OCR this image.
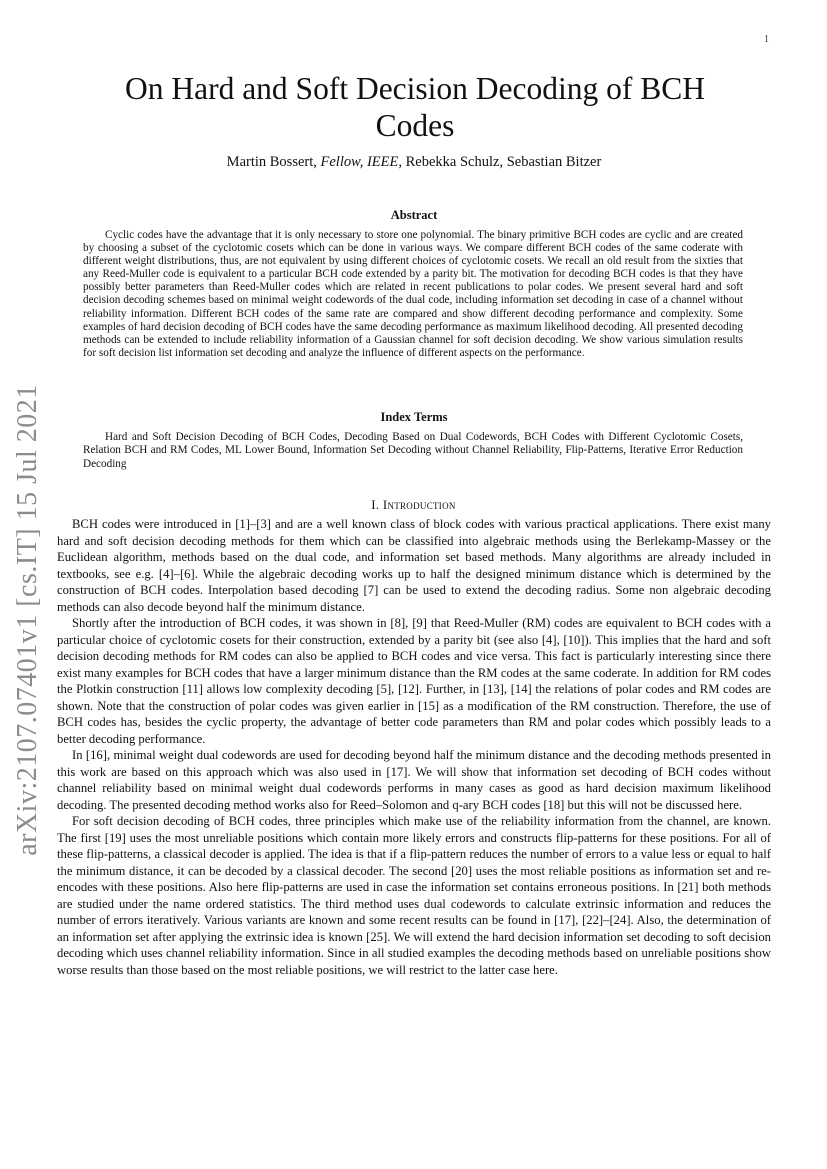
1
arXiv:2107.07401v1 [cs.IT] 15 Jul 2021
On Hard and Soft Decision Decoding of BCH Codes
Martin Bossert, Fellow, IEEE, Rebekka Schulz, Sebastian Bitzer
Abstract

Cyclic codes have the advantage that it is only necessary to store one polynomial. The binary primitive BCH codes are cyclic and are created by choosing a subset of the cyclotomic cosets which can be done in various ways. We compare different BCH codes of the same coderate with different weight distributions, thus, are not equivalent by using different choices of cyclotomic cosets. We recall an old result from the sixties that any Reed-Muller code is equivalent to a particular BCH code extended by a parity bit. The motivation for decoding BCH codes is that they have possibly better parameters than Reed-Muller codes which are related in recent publications to polar codes. We present several hard and soft decision decoding schemes based on minimal weight codewords of the dual code, including information set decoding in case of a channel without reliability information. Different BCH codes of the same rate are compared and show different decoding performance and complexity. Some examples of hard decision decoding of BCH codes have the same decoding performance as maximum likelihood decoding. All presented decoding methods can be extended to include reliability information of a Gaussian channel for soft decision decoding. We show various simulation results for soft decision list information set decoding and analyze the influence of different aspects on the performance.

Index Terms

Hard and Soft Decision Decoding of BCH Codes, Decoding Based on Dual Codewords, BCH Codes with Different Cyclotomic Cosets, Relation BCH and RM Codes, ML Lower Bound, Information Set Decoding without Channel Reliability, Flip-Patterns, Iterative Error Reduction Decoding

I. Introduction

BCH codes were introduced in [1]–[3] and are a well known class of block codes with various practical applications. There exist many hard and soft decision decoding methods for them which can be classified into algebraic methods using the Berlekamp-Massey or the Euclidean algorithm, methods based on the dual code, and information set based methods. Many algorithms are already included in textbooks, see e.g. [4]–[6]. While the algebraic decoding works up to half the designed minimum distance which is determined by the construction of BCH codes. Interpolation based decoding [7] can be used to extend the decoding radius. Some non algebraic decoding methods can also decode beyond half the minimum distance.

Shortly after the introduction of BCH codes, it was shown in [8], [9] that Reed-Muller (RM) codes are equivalent to BCH codes with a particular choice of cyclotomic cosets for their construction, extended by a parity bit (see also [4], [10]). This implies that the hard and soft decision decoding methods for RM codes can also be applied to BCH codes and vice versa. This fact is particularly interesting since there exist many examples for BCH codes that have a larger minimum distance than the RM codes at the same coderate. In addition for RM codes the Plotkin construction [11] allows low complexity decoding [5], [12]. Further, in [13], [14] the relations of polar codes and RM codes are shown. Note that the construction of polar codes was given earlier in [15] as a modification of the RM construction. Therefore, the use of BCH codes has, besides the cyclic property, the advantage of better code parameters than RM and polar codes which possibly leads to a better decoding performance.

In [16], minimal weight dual codewords are used for decoding beyond half the minimum distance and the decoding methods presented in this work are based on this approach which was also used in [17]. We will show that information set decoding of BCH codes without channel reliability based on minimal weight dual codewords performs in many cases as good as hard decision maximum likelihood decoding. The presented decoding method works also for Reed–Solomon and q-ary BCH codes [18] but this will not be discussed here.

For soft decision decoding of BCH codes, three principles which make use of the reliability information from the channel, are known. The first [19] uses the most unreliable positions which contain more likely errors and constructs flip-patterns for these positions. For all of these flip-patterns, a classical decoder is applied. The idea is that if a flip-pattern reduces the number of errors to a value less or equal to half the minimum distance, it can be decoded by a classical decoder. The second [20] uses the most reliable positions as information set and re-encodes with these positions. Also here flip-patterns are used in case the information set contains erroneous positions. In [21] both methods are studied under the name ordered statistics. The third method uses dual codewords to calculate extrinsic information and reduces the number of errors iteratively. Various variants are known and some recent results can be found in [17], [22]–[24]. Also, the determination of an information set after applying the extrinsic idea is known [25]. We will extend the hard decision information set decoding to soft decision decoding which uses channel reliability information. Since in all studied examples the decoding methods based on unreliable positions show worse results than those based on the most reliable positions, we will restrict to the latter case here.
